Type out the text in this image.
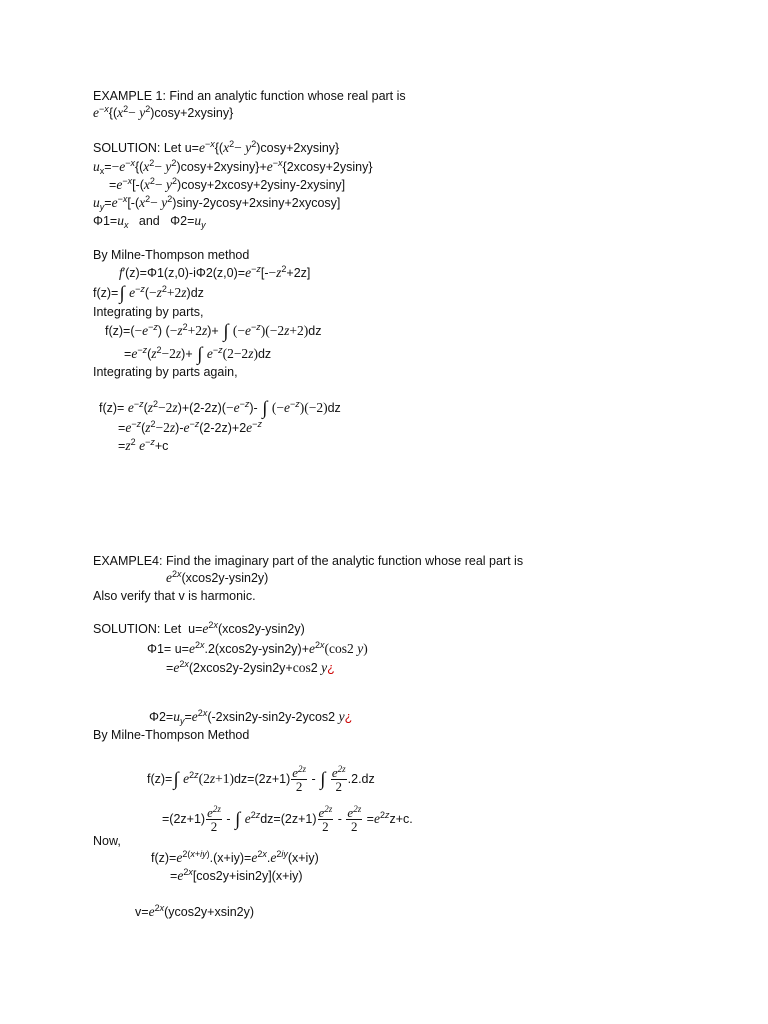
EXAMPLE 1: Find an analytic function whose real part is
$e^{-x}\{(x^2- y^2)\cos y+2xysiny\}$
SOLUTION: Let $u=e^{-x}\{(x^2- y^2)\cos y+2xysiny\}$
$u_x=-e^{-x}\{(x^2- y^2)\cos y+2xysiny\}+e^{-x}\{2xcosy+2ysiny\}$
$=e^{-x}[-(x^2- y^2)\cos y+2xcosy+2ysiny-2xysiny]$
$u_y=e^{-x}[-(x^2- y^2)\sin y-2ycosy+2xsiny+2xycosy]$
$\Phi 1=u_x$   and   $\Phi 2=u_y$
By Milne-Thompson method
$f'(z)=\Phi 1(z,0)-i\Phi 2(z,0)=e^{-z}[--z^2+2z]$
f(z)=∫ $e^{-z}(-z^2+2z)dz$
Integrating by parts,
$f(z)=(-e^{-z})$ $(-z^2+2z)+$ ∫ $(-e^{-z})(-2z+2)dz$
$=e^{-z}(z^2-2z)+$ ∫ $e^{-z}(2-2z)dz$
Integrating by parts again,
$f(z)= e^{-z}(z^2-2z)+(2-2z)(-e^{-z})-$ ∫ $(-e^{-z})(-2)dz$
$=e^{-z}(z^2-2z)-e^{-z}(2-2z)+2e^{-z}$
$=z^2$ $e^{-z}+c$
EXAMPLE4: Find the imaginary part of the analytic function whose real part is
$e^{2x}(xcos2y-ysin2y)$
Also verify that v is harmonic.
SOLUTION: Let  $u=e^{2x}(xcos2y-ysin2y)$
$\Phi 1= u=e^{2x}.2(xcos2y-ysin2y)+e^{2x}(\cos 2$ y)
$=e^{2x}(2xcos2y-2ysin2y+\cos 2$ y¿
$\Phi 2=u_y=e^{2x}(-2xsin2y-\sin 2y-2ycos2$ y¿
By Milne-Thompson Method
f(z)=∫ $e^{2z}(2z+1)dz=(2z+1) \frac{e^{2z}}{2}$ - ∫ $\frac{e^{2z}}{2} .2.dz$
$=(2z+1) \frac{e^{2z}}{2}$ - ∫ $e^{2z}dz=(2z+1) \frac{e^{2z}}{2} - \frac{e^{2z}}{2} =e^{2z}z+c$.
Now,
$f(z)=e^{2(x+iy)}.(x+iy)=e^{2x}.e^{2iy}(x+iy)$
$=e^{2x}[\cos 2y+isin2y](x+iy)$
$v=e^{2x}(ycos2y+xsin2y)$
